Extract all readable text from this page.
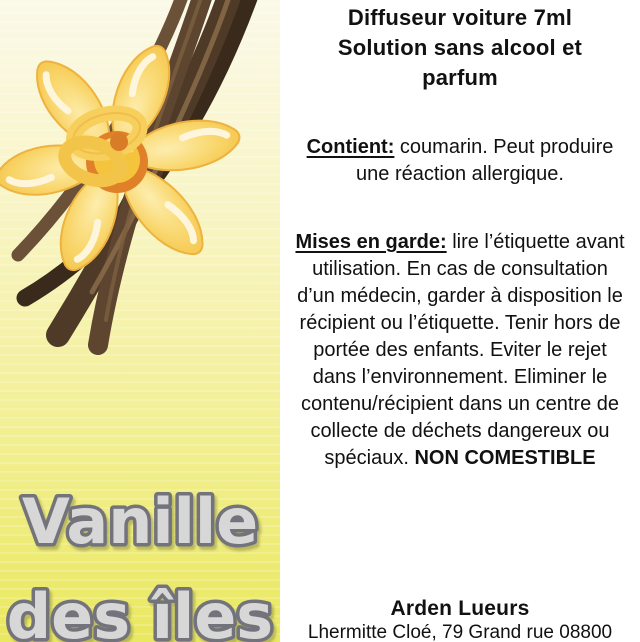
Vanille
des îles
Diffuseur voiture 7ml
Solution sans alcool et
parfum

Contient: coumarin. Peut produire une réaction allergique.

Mises en garde: lire l’étiquette avant utilisation. En cas de consultation d’un médecin, garder à disposition le récipient ou l’étiquette. Tenir hors de portée des enfants. Eviter le rejet dans l’environnement. Eliminer le contenu/récipient dans un centre de collecte de déchets dangereux ou spéciaux. NON COMESTIBLE

Arden Lueurs
Lhermitte Cloé, 79 Grand rue 08800
